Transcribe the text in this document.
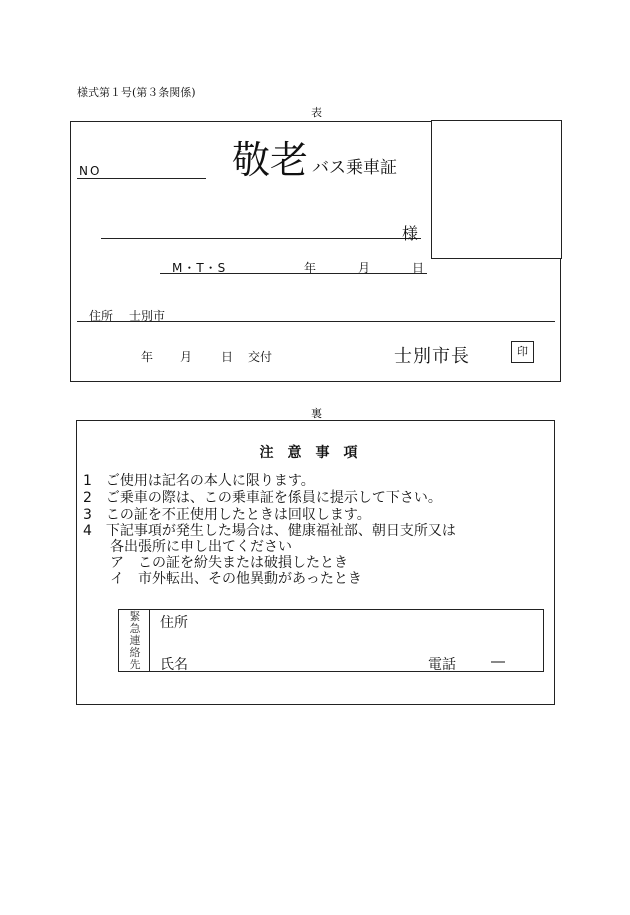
様式第１号(第３条関係)
表
NO	敬老 バス乗車証
様
M・T・S	年	月	日
住所 士別市
年 月 日 交付	士別市長	印
裏
注意事項
1　ご使用は記名の本人に限ります。
2　ご乗車の際は、この乗車証を係員に提示して下さい。
3　この証を不正使用したときは回収します。
4　下記事項が発生した場合は、健康福祉部、朝日支所又は
各出張所に申し出てください
ア　この証を紛失または破損したとき
イ　市外転出、その他異動があったとき
緊急連絡先
住所
氏名	電話	―
